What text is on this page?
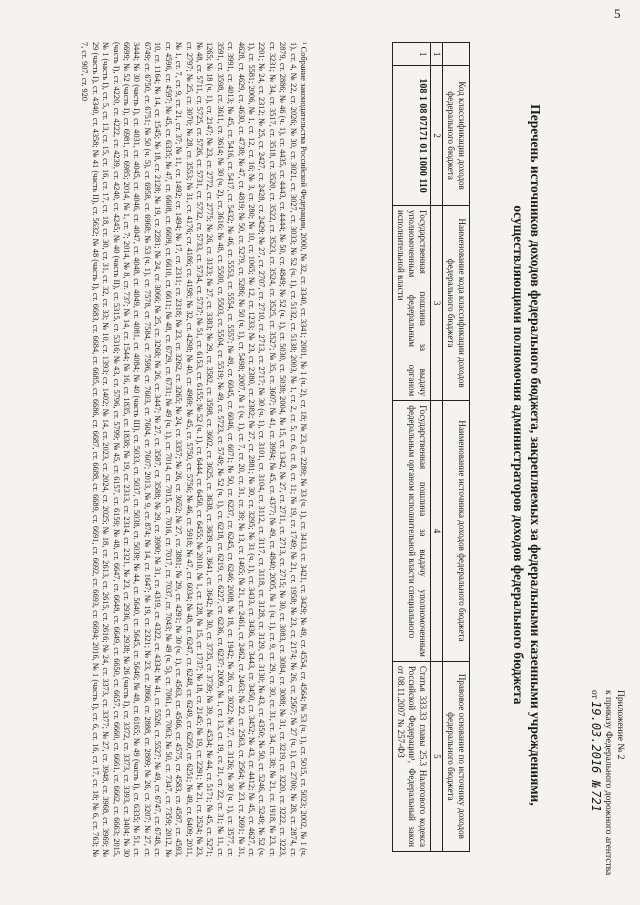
5
Приложение № 2
к приказу Федерального дорожного агентства
от 19.03.2016 № 721
Перечень источников доходов федерального бюджета, закрепляемых за федеральными казенными учреждениями, осуществляющими полномочия администраторов доходов федерального бюджета
	Код классификации доходов федерального бюджета	Наименование кода классификации доходов федерального бюджета	Наименование источника доходов федерального бюджета	Правовое основание по источнику доходов федерального бюджета
1	2	3	4	5
1	108 1 08 07171 01 1000 110	Государственная пошлина за выдачу уполномоченным федеральным органом исполнительной власти	Государственная пошлина за выдачу уполномоченным федеральным органом исполнительной власти специального	Статья 333.33 главы 25.3 Налогового кодекса Российской Федерации¹, Федеральный закон от 08.11.2007 № 257-ФЗ
¹ Собрание законодательства Российской Федерации, 2000, № 32, ст. 3340, ст. 3341; 2001, № 1 (ч. 2), ст. 18; № 23, ст. 2289; № 33 (ч. 1), ст. 3413, ст. 3421, ст. 3429; № 49, ст. 4554, ст. 4564; № 53 (ч. 1), ст. 5015, ст. 5023; 2002, № 1 (ч. 1), ст. 4, № 22, ст. 2026; № 30, ст. 3021, ст. 3027, ст. 3033; № 52 (ч. 1), ст. 5132, ст. 5138; 2003, № 1, ст. 2, ст. 5, ст. 6, ст. 8, ст. 11; № 19, ст. 1749; № 21, ст. 1958; № 23, ст. 2174; № 26, ст. 2567; № 27 (ч. 1), ст. 2700; № 28, ст. 2874, ст. 2879, ст. 2886; № 46 (ч. 1), ст. 4435, ст. 4443, ст. 4444; № 50, ст. 4849; № 52 (ч. 1), ст. 5030, ст. 5038; 2004, № 15, ст. 1342, № 27, ст. 2711, ст. 2713, ст. 2715; № 30, ст. 3083, ст. 3084, ст. 3088; № 31, ст. 3219, ст. 3220, ст. 3222, ст. 3223, ст. 3231; № 34, ст. 3517, ст. 3518, ст. 3520, ст. 3522, ст. 3523, ст. 3524, ст. 3525, ст. 3527; № 35, ст. 3607; № 41, ст. 3994; № 45, ст. 4377; № 49, ст. 4840; 2005, № 1 (ч. 1), ст. 9, ст. 29, ст. 30, ст. 31, ст. 34, ст. 38; № 21, ст. 1918, № 23, ст. 2201; № 24, ст. 2312; № 25, ст. 2427, ст. 2428, ст. 2429; № 27, ст. 2707, ст. 2710, ст. 2713, ст. 2717; № 30 (ч. 1), ст. 3101, ст. 3104, ст. 3112, ст. 3117, ст. 3118, ст. 3128, ст. 3129, ст. 3130; № 43, ст. 4350; № 50, ст. 5246, ст. 5249; № 52 (ч. 1), ст. 5581; 2006, № 1, ст. 12, ст. 16; № 3, ст. 280; № 10, ст. 1065; № 12, ст. 1233; № 23, ст. 2380, ст. 2382; № 27, ст. 2881; № 30, ст. 3295; № 31 (ч. 1), ст. 3433, ст. 3436, ст. 3443, ст. 3450, ст. 3452; № 43, ст. 4412; № 45, ст. 4627, ст. 4628, ст. 4629, ст. 4630, ст. 4738; № 47, ст. 4819; № 50, ст. 5279, ст. 5286; № 50 (ч. 1), ст. 5498; 2007, № 1 (ч. 1), ст. 7, ст. 20, ст. 31, ст. 39; № 13, ст. 1465; № 21, ст. 2461, ст. 2462, ст. 2463; № 22, ст. 2563, ст. 2564; № 23, ст. 2691; № 31, ст. 3991, ст. 4013; № 45, ст. 5416, ст. 5417, ст. 5432; № 46, ст. 5553, ст. 5554, ст. 5557; № 49, ст. 6045, ст. 6046, ст. 6071; № 50, ст. 6237, ст. 6245, ст. 6246; 2008, № 18, ст. 1942; № 26, ст. 3022; № 27, ст. 3126; № 30 (ч. 1), ст. 3577, ст. 3591, ст. 3598, ст. 3611, ст. 3614; № 30 (ч. 2), ст. 3616; № 48, ст. 5500, ст. 5503, ст. 5504, ст. 5519; № 49, ст. 5723, ст. 5749; № 52 (ч. 1), ст. 6218, ст. 6219, ст. 6227, ст. 6236, ст. 6237; 2009, № 1, ст. 13, ст. 19, ст. 21, ст. 22, ст. 31; № 11, ст. 1265; № 18 (ч. 1), ст. 2147; № 23, ст. 2772, ст. 2775; № 26, ст. 3123; № 27, ст. 3383; № 29, ст. 3582, ст. 3598, ст. 3602, ст. 3625, ст. 3638, ст. 3639, ст. 3641, ст. 3642; № 30, ст. 3735, ст. 3739; № 39, ст. 4534; № 44, ст. 5171; № 45, ст. 5271; № 48, ст. 5711, ст. 5725, ст. 5726, ст. 5731, ст. 5732, ст. 5733, ст. 5734, ст. 5737; № 51, ст. 6153, ст. 6155; № 52 (ч. 1), ст. 6444, ст. 6450, ст. 6455; № 2010, № 1, ст. 128, № 15, ст. 1737; № 18, ст. 2145; № 19, ст. 2291; № 21, ст. 2524; № 23, ст. 2797; № 25, ст. 3070; № 28, ст. 3553; № 31, ст. 4176; ст. 4186; ст. 4198; № 32, ст. 4298; № 40, ст. 4969; № 45, ст. 5750, ст. 5756; № 46, ст. 5918; № 47, ст. 6034; № 48, ст. 6247, ст. 6248, ст. 6249, ст. 6250, ст. 6251; № 49, ст. 6409; 2011, № 1, ст. 7, ст. 9, ст. 21, ст. 37; № 11, ст. 1492; ст. 1494; № 17, ст. 2311; ст. 2318; № 23, ст. 3262, ст. 3265; № 24, ст. 3357; № 26, ст. 3652; № 27, ст. 3881; № 29, ст. 4291; № 30 (ч. 1), ст. 4563, ст. 4566, ст. 4575, ст. 4583, ст. 4587, ст. 4593, ст. 4596, ст. 4597; № 45, ст. 6335; № 47, ст. 6608, ст. 6609, ст. 6610, ст. 6611; № 48, ст. 6729, ст. 6731; № 49 (ч. 1), ст. 7014, ст. 7015, ст. 7016, ст. 7017, ст. 7037, ст. 7043; № 49 (ч. 5), ст. 7061, ст. 7063; № 50, ст. 7347, ст. 7359; 2012, № 10, ст. 1164; № 14, ст. 1545; № 18, ст. 2128; № 19, ст. 2281; № 24, ст. 3066; № 25, ст. 3268; № 26, ст. 3447; № 27, ст. 3587, ст. 3588; № 29, ст. 3980; № 31, ст. 4319, ст. 4322, ст. 4334; № 41, ст. 5526, ст. 5527; № 49, ст. 6747, ст. 6748, ст. 6749; ст. 6750, ст. 6751; № 50 (ч. 5), ст. 6958, ст. 6968; № 53 (ч. 1), ст. 7578, ст. 7584, ст. 7596, ст. 7603, ст. 7604, ст. 7607; 2013, № 9, ст. 874; № 14, ст. 1647; № 19, ст. 2321; № 23, ст. 2866, ст. 2888, ст. 2889; № 26, ст. 3207; № 27, ст. 3444; № 30 (часть I), ст. 4031, ст. 4045, ст. 4046, ст. 4047, ст. 4048, ст. 4049, ст. 4081, ст. 4084; № 40 (часть III), ст. 5033, ст. 5037, ст. 5038, ст. 5039; № 44, ст. 5640, ст. 5645, ст. 5646; № 48, ст. 6165; № 49 (часть I), ст. 6335; № 51, ст. 6699; № 52 (часть I), ст. 6981, ст. 6985; 2014, № 1, ст. 7; 2014, № 8, ст. 737; № 14, ст. 1544; № 16, ст. 1835, ст. 1838; № 19, ст. 2313, ст. 2314, ст. 2321, № 23, ст. 2936, ст. 2938; № 26 (часть I), ст. 3372, ст. 3373, ст. 3393, ст. 3404; № 30 (часть I), ст. 4220, ст. 4222, ст. 4239, ст. 4240, ст. 4245; № 40 (часть II), ст. 5315, ст. 5316; № 43, ст. 5796, ст. 5799; № 45, ст. 6157, ст. 6159; № 48, ст. 6647, ст. 6648, ст. 6649, ст. 6650, ст. 6657, ст. 6660, ст. 6661, ст. 6662, ст. 6663; 2015, № 1 (часть I), ст. 5, ст. 13, ст. 15, ст. 16, ст. 17, ст. 18, ст. 30, ст. 31, ст. 32, ст. 33; № 10, ст. 1393; ст. 1402; № 14, ст. 2023, ст. 2024, ст. 2025; № 18, ст. 2613, ст. 2615, ст. 2616; № 24, ст. 3373, ст. 3377; № 27, ст. 3948, ст. 3968, ст. 3969; № 29 (часть I), ст. 4340, ст. 4358; № 41 (часть II), ст. 5632; № 48 (часть I), ст. 6683, ст. 6684, ст. 6685, ст. 6686, ст. 6687, ст. 6688, ст. 6689, ст. 6691, ст. 6692, ст. 6693, ст. 6694; 2016, № 1 (часть I), ст. 6, ст. 16, ст. 17, ст. 18; № 6, ст. 763; № 7, ст. 907, ст. 920
